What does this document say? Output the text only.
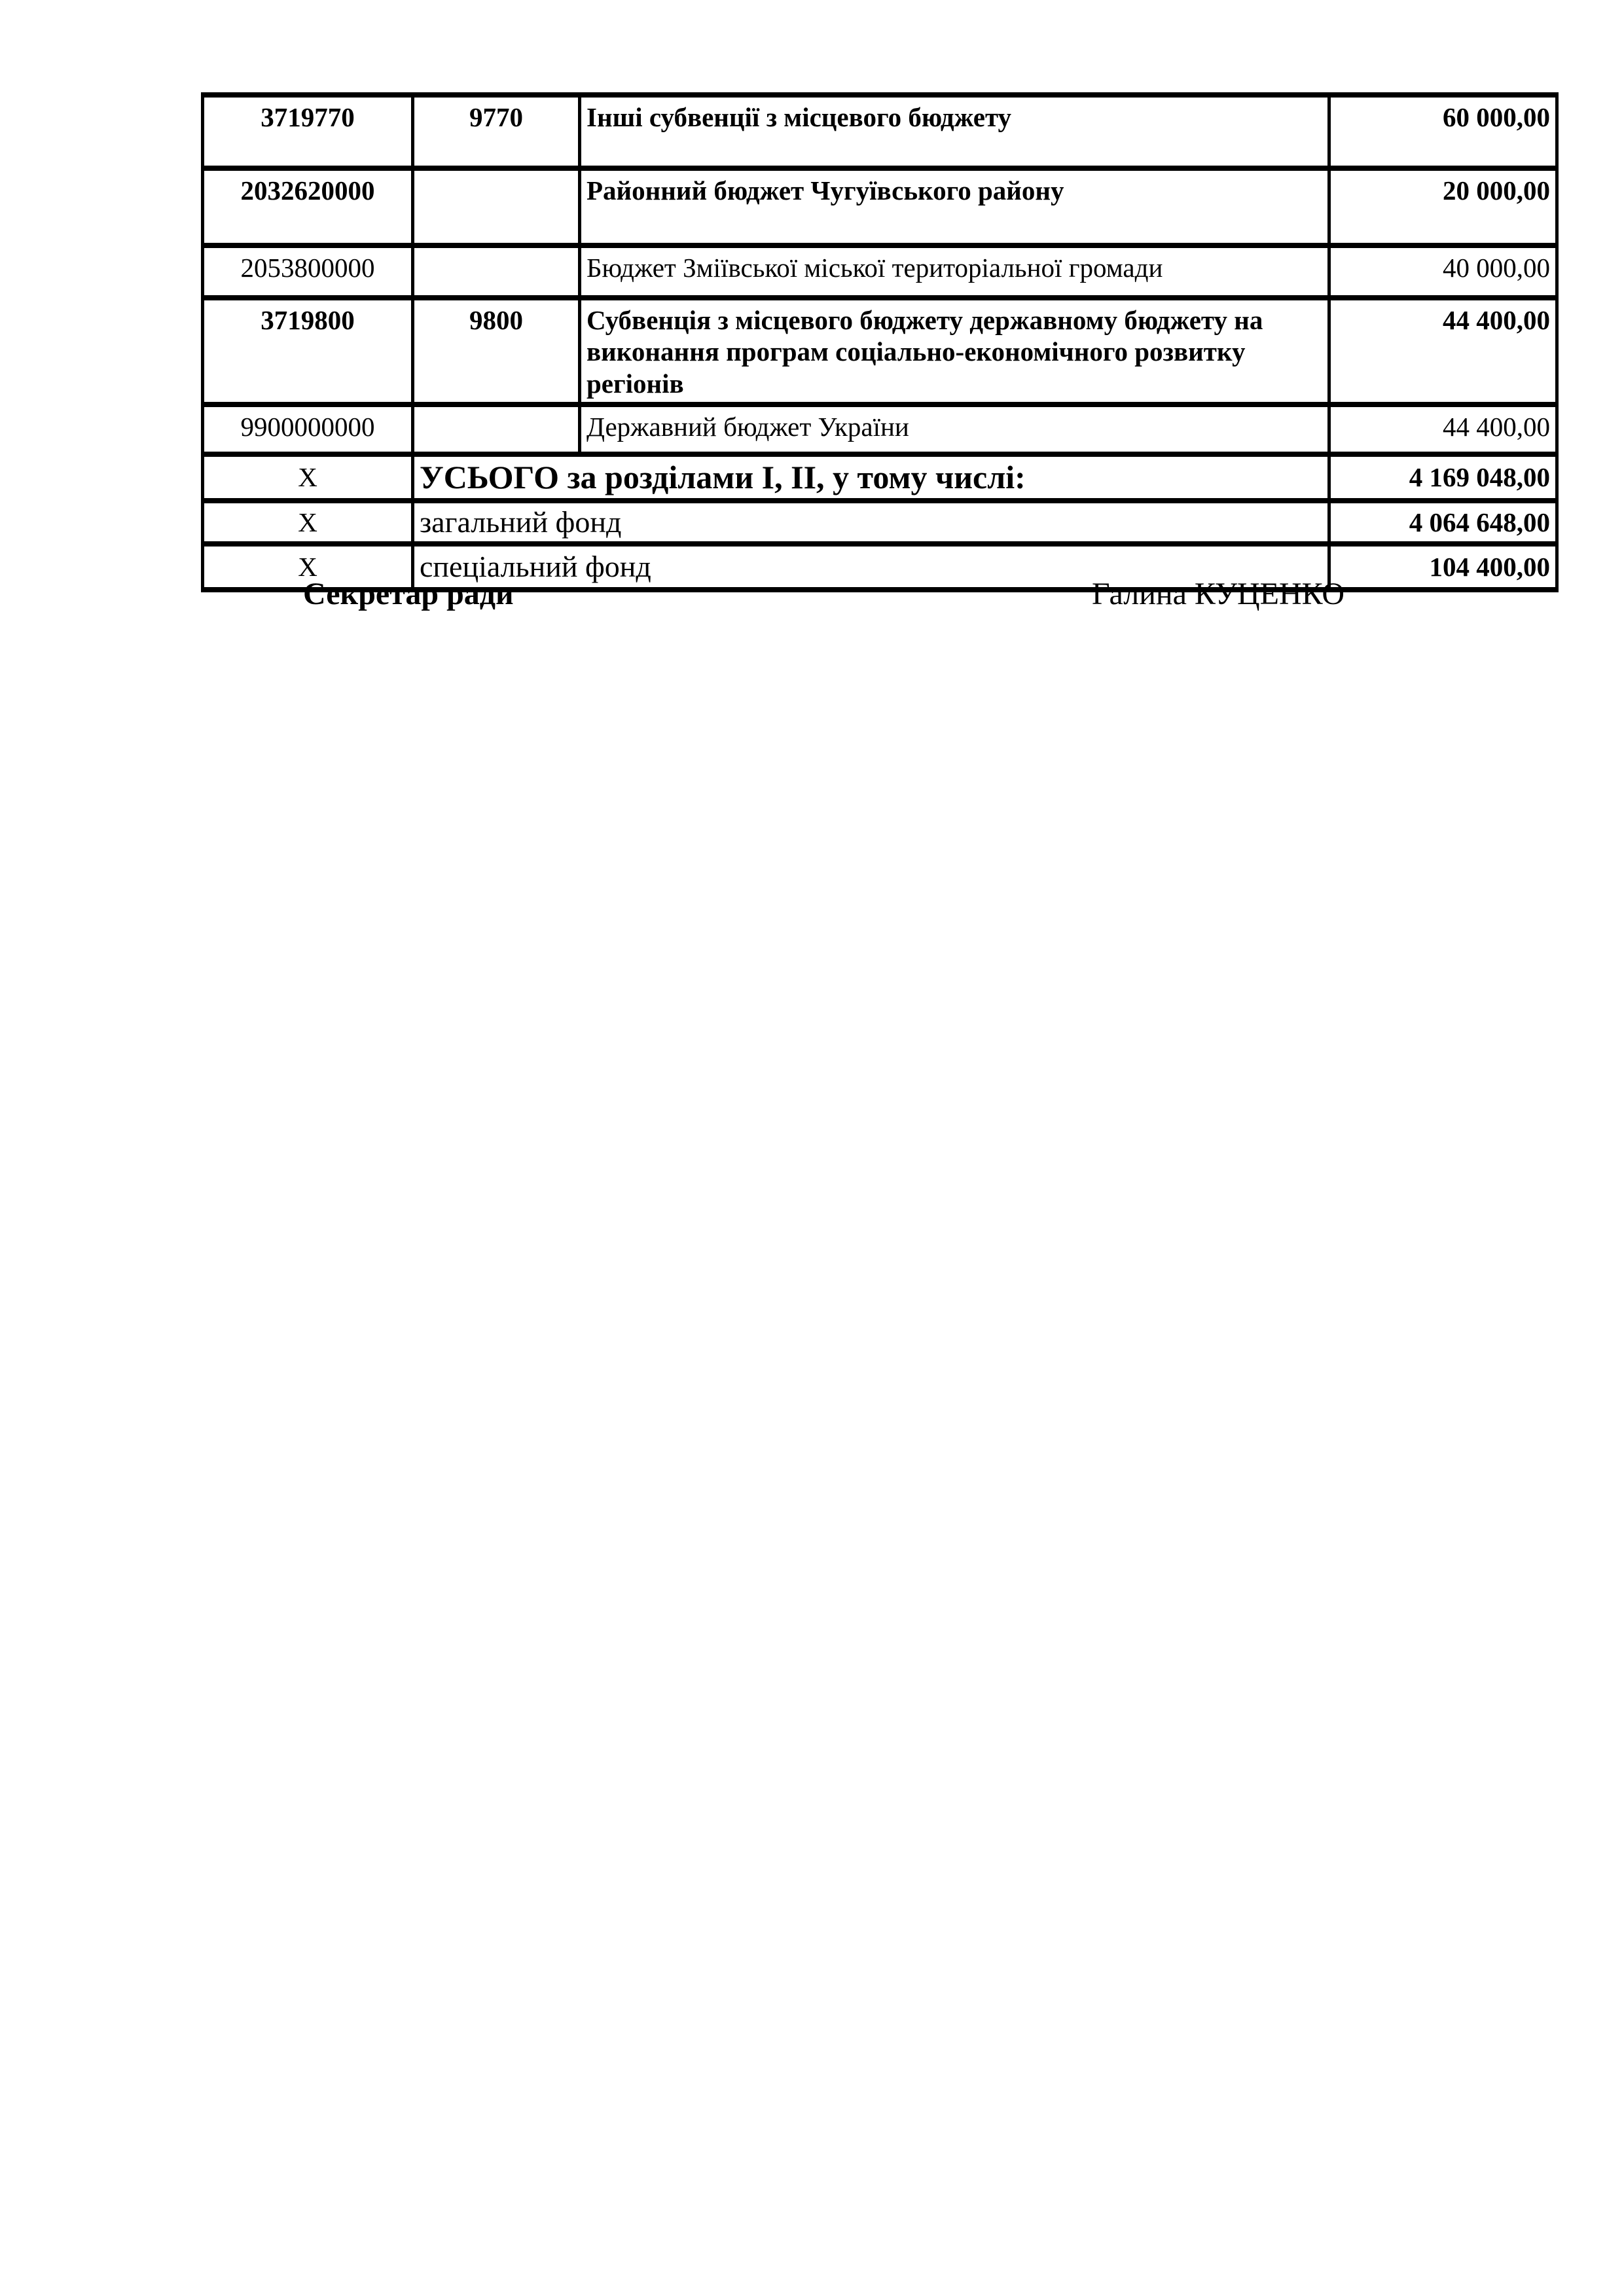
3719770	9770	Інші субвенції з місцевого бюджету	60 000,00
2032620000		Районний бюджет Чугуївського району	20 000,00
2053800000		Бюджет Зміївської міської територіальної громади	40 000,00
3719800	9800	Субвенція з місцевого бюджету державному бюджету на виконання програм соціально-економічного розвитку регіонів	44 400,00
9900000000		Державний бюджет України	44 400,00
X	УСЬОГО за розділами І, ІІ, у тому числі:		4 169 048,00
X	загальний фонд		4 064 648,00
X	спеціальний фонд		104 400,00
Секретар ради	Галина КУЦЕНКО
